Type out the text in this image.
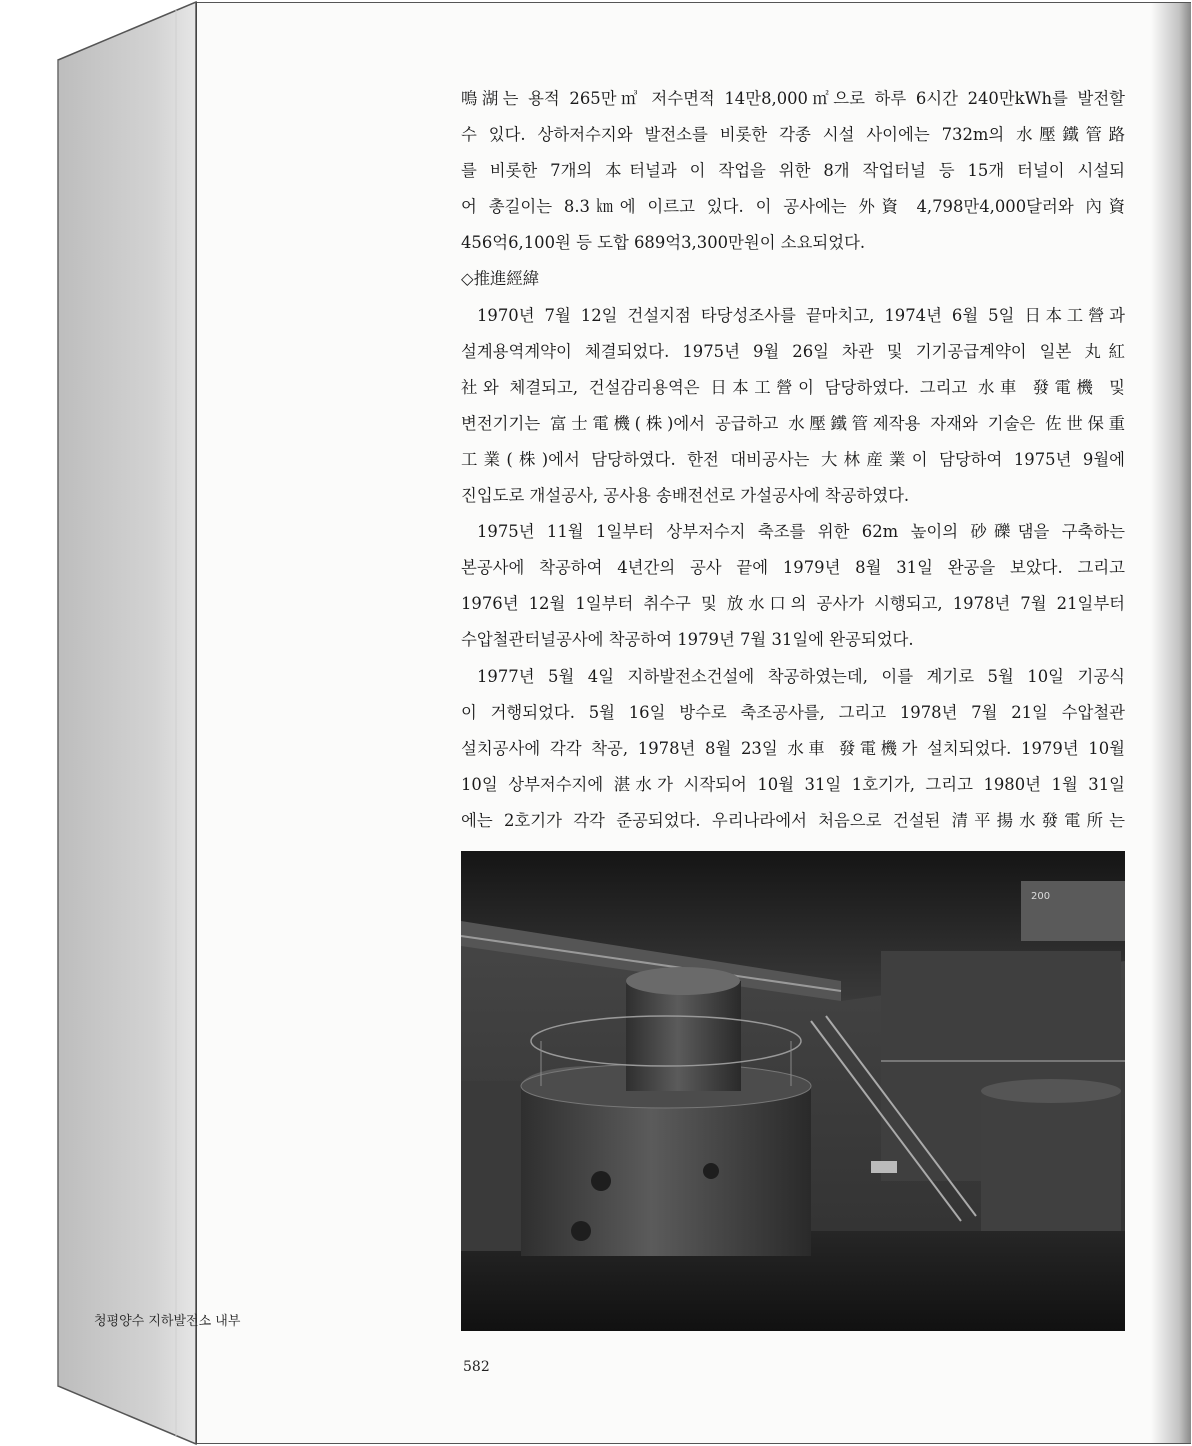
鳴湖는 용적 265만㎥ 저수면적 14만8,000㎡으로 하루 6시간 240만kWh를 발전할
수 있다. 상하저수지와 발전소를 비롯한 각종 시설 사이에는 732m의 水壓鐵管路
를 비롯한 7개의 本터널과 이 작업을 위한 8개 작업터널 등 15개 터널이 시설되
어 총길이는 8.3㎞에 이르고 있다. 이 공사에는 外資 4,798만4,000달러와 內資
456억6,100원 등 도합 689억3,300만원이 소요되었다.
◇推進經緯
1970년 7월 12일 건설지점 타당성조사를 끝마치고, 1974년 6월 5일 日本工營과
설계용역계약이 체결되었다. 1975년 9월 26일 차관 및 기기공급계약이 일본 丸紅
社와 체결되고, 건설감리용역은 日本工營이 담당하였다. 그리고 水車 發電機 및
변전기기는 富士電機(株)에서 공급하고 水壓鐵管제작용 자재와 기술은 佐世保重
工業(株)에서 담당하였다. 한전 대비공사는 大林産業이 담당하여 1975년 9월에
진입도로 개설공사, 공사용 송배전선로 가설공사에 착공하였다.
1975년 11월 1일부터 상부저수지 축조를 위한 62m 높이의 砂礫댐을 구축하는
본공사에 착공하여 4년간의 공사 끝에 1979년 8월 31일 완공을 보았다. 그리고
1976년 12월 1일부터 취수구 및 放水口의 공사가 시행되고, 1978년 7월 21일부터
수압철관터널공사에 착공하여 1979년 7월 31일에 완공되었다.
1977년 5월 4일 지하발전소건설에 착공하였는데, 이를 계기로 5월 10일 기공식
이 거행되었다. 5월 16일 방수로 축조공사를, 그리고 1978년 7월 21일 수압철관
설치공사에 각각 착공, 1978년 8월 23일 水車 發電機가 설치되었다. 1979년 10월
10일 상부저수지에 湛水가 시작되어 10월 31일 1호기가, 그리고 1980년 1월 31일
에는 2호기가 각각 준공되었다. 우리나라에서 처음으로 건설된 清平揚水發電所는
200
582
청평양수 지하발전소 내부
